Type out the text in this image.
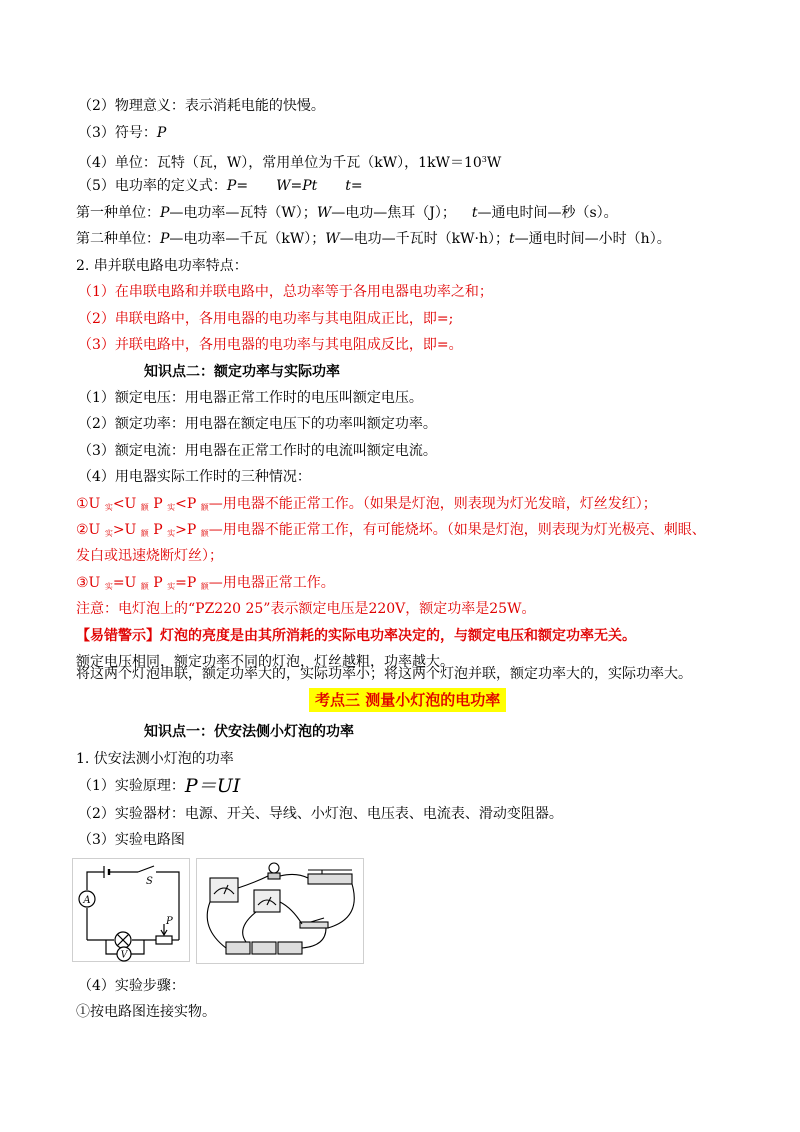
（2）物理意义：表示消耗电能的快慢。
（3）符号：P
（4）单位：瓦特（瓦，W），常用单位为千瓦（kW），$1kW=10^3W$
（5）电功率的定义式：P= W=Pt t=
第一种单位：P—电功率—瓦特（W）；W—电功—焦耳（J）； t—通电时间—秒（s）。
第二种单位：P—电功率—千瓦（kW）；W—电功—千瓦时（kW·h）；t—通电时间—小时（h）。
2. 串并联电路电功率特点：
（1）在串联电路和并联电路中，总功率等于各用电器电功率之和；
（2）串联电路中，各用电器的电功率与其电阻成正比，即=;
（3）并联电路中，各用电器的电功率与其电阻成反比，即=。
知识点二：额定功率与实际功率
（1）额定电压：用电器正常工作时的电压叫额定电压。
（2）额定功率：用电器在额定电压下的功率叫额定功率。
（3）额定电流：用电器在正常工作时的电流叫额定电流。
（4）用电器实际工作时的三种情况：
①U $_实$<U $_额$ P $_实$<P $_额$—用电器不能正常工作。（如果是灯泡，则表现为灯光发暗，灯丝发红）；
②U $_实$>U $_额$ P $_实$>P $_额$—用电器不能正常工作，有可能烧坏。（如果是灯泡，则表现为灯光极亮、刺眼、
发白或迅速烧断灯丝）；
③U $_实$=U $_额$ P $_实$=P $_额$—用电器正常工作。
注意：电灯泡上的“PZ220 25”表示额定电压是220V，额定功率是25W。
【易错警示】灯泡的亮度是由其所消耗的实际电功率决定的，与额定电压和额定功率无关。
额定电压相同，额定功率不同的灯泡，灯丝越粗，功率越大。
将这两个灯泡串联，额定功率大的，实际功率小；将这两个灯泡并联，额定功率大的，实际功率大。
考点三 测量小灯泡的电功率
知识点一：伏安法侧小灯泡的功率
1. 伏安法测小灯泡的功率
（1）实验原理：P＝UI
（2）实验器材：电源、开关、导线、小灯泡、电压表、电流表、滑动变阻器。
（3）实验电路图
A
V
S
P
（4）实验步骤：
①按电路图连接实物。
